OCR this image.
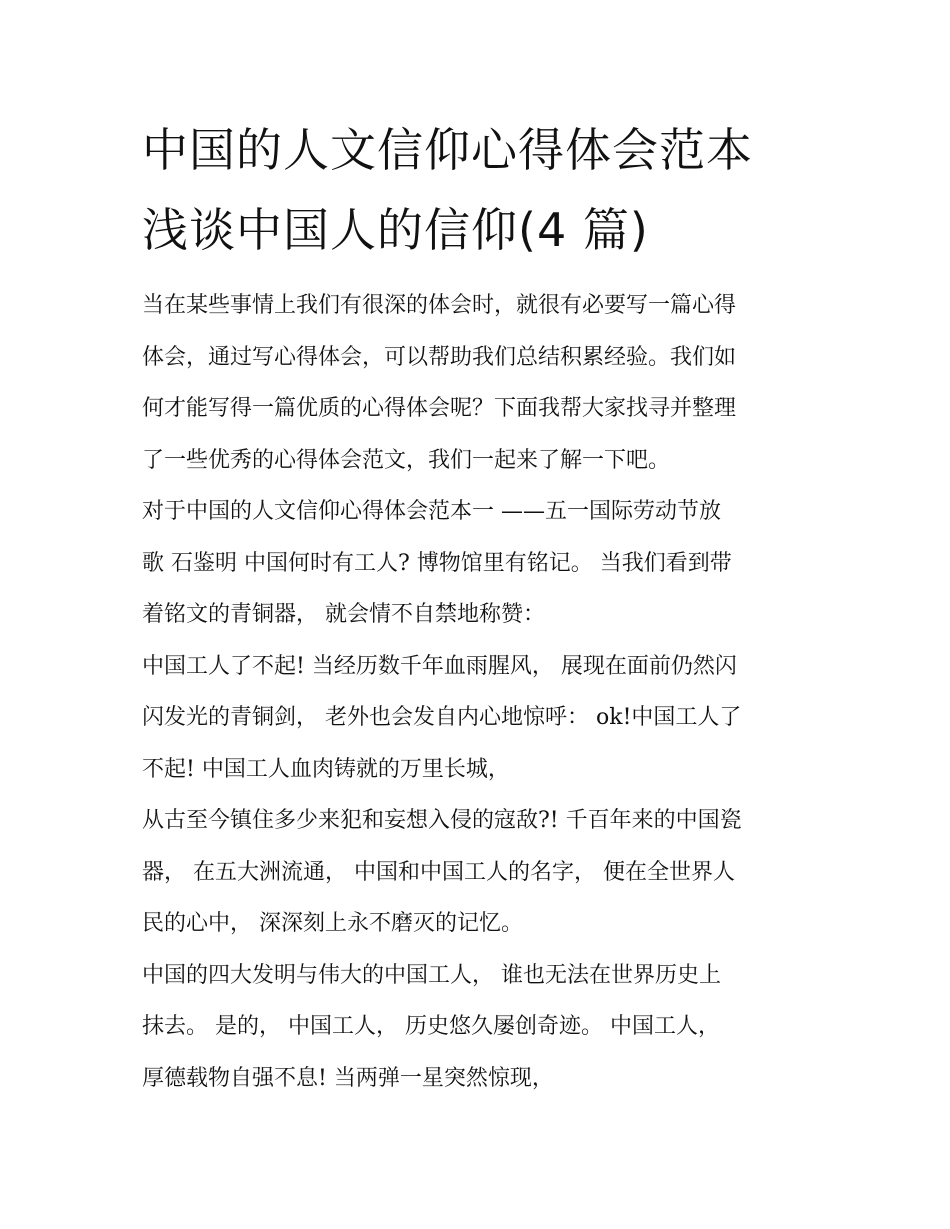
中国的人文信仰心得体会范本
浅谈中国人的信仰(4 篇)

当在某些事情上我们有很深的体会时，就很有必要写一篇心得
体会，通过写心得体会，可以帮助我们总结积累经验。我们如
何才能写得一篇优质的心得体会呢？下面我帮大家找寻并整理
了一些优秀的心得体会范文，我们一起来了解一下吧。

对于中国的人文信仰心得体会范本一 ——五一国际劳动节放
歌 石鉴明 中国何时有工人? 博物馆里有铭记。 当我们看到带
着铭文的青铜器， 就会情不自禁地称赞：

中国工人了不起! 当经历数千年血雨腥风， 展现在面前仍然闪
闪发光的青铜剑， 老外也会发自内心地惊呼： ok!中国工人了
不起! 中国工人血肉铸就的万里长城，

从古至今镇住多少来犯和妄想入侵的寇敌?! 千百年来的中国瓷
器， 在五大洲流通， 中国和中国工人的名字， 便在全世界人
民的心中， 深深刻上永不磨灭的记忆。

中国的四大发明与伟大的中国工人， 谁也无法在世界历史上
抹去。 是的， 中国工人， 历史悠久屡创奇迹。 中国工人，
厚德载物自强不息! 当两弹一星突然惊现，
